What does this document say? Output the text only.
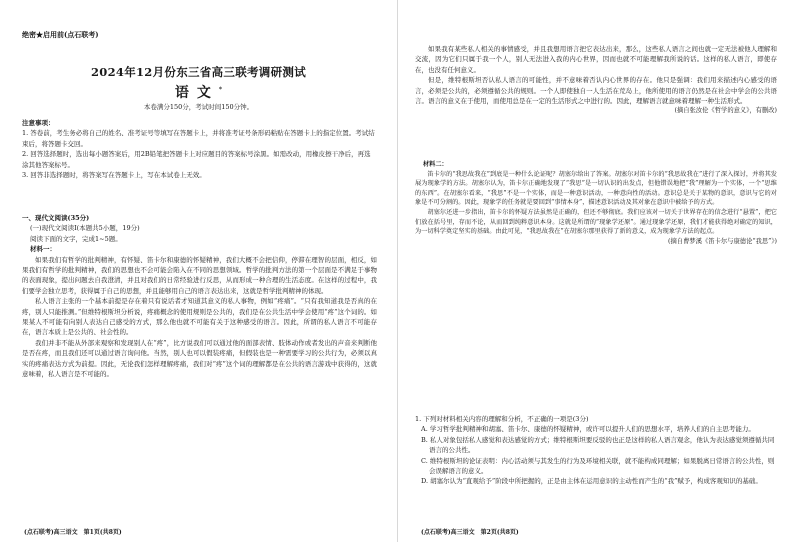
绝密★启用前(点石联考)
2024年12月份东三省高三联考调研测试
语文*
本卷满分150分，考试时间150分钟。

注意事项：

1. 答卷前，考生务必将自己的姓名、准考证号等填写在答题卡上，并将准考证号条形码粘贴在答题卡上的指定位置。考试结束后，将答题卡交回。

2. 回答选择题时，选出每小题答案后，用2B铅笔把答题卡上对应题目的答案标号涂黑。如需改动，用橡皮擦干净后，再选涂其他答案标号。

3. 回答非选择题时，将答案写在答题卡上，写在本试卷上无效。

一、现代文阅读(35分)

(一)现代文阅读Ⅰ(本题共5小题，19分)

阅读下面的文字，完成1~5题。

材料一：

如果我们有哲学的批判精神，有怀疑、笛卡尔和康德的怀疑精神，我们大概不会把信仰，停滞在理智的层面，相反，如果我们有哲学的批判精神，我们的思想也不会可能会陷入在不同的思想领域。哲学的批判方法的第一个层面是不满足于事物的表面现象，提出问题去自我澄清，并且对我们的日常经验进行反思，从而形成一种合理的生活态度。在这样的过程中，我们要学会独立思考，获得属于自己的思想，并且能够用自己的语言表达出来，这就是哲学批判精神的体现。

私人语言主张的一个基本前提是存在着只有说话者才知道其意义的私人事物，例如“疼痛”。“只有我知道我是否真的在疼，别人只能推测。”但维特根斯坦分析说，疼痛概念的使用规则是公共的，我们是在公共生活中学会使用“疼”这个词的。如果某人不可能有向别人表达自己感受的方式，那么他也就不可能有关于这种感受的语言。因此，所谓的私人语言不可能存在，语言本质上是公共的、社会性的。

我们并非不能从外部来观察和发现别人在“疼”，比方说我们可以通过他的面部表情、肢体动作或者发出的声音来判断他是否在疼，而且我们还可以通过语言询问他。当然，别人也可以假装疼痛，但假装也是一种需要学习的公共行为，必须以真实的疼痛表达方式为前提。因此，无论我们怎样理解疼痛，我们对“疼”这个词的理解都是在公共的语言游戏中获得的，这就意味着，私人语言是不可能的。

(点石联考)高三语文　第1页(共8页)

如果我有某些私人相关的事情感受，并且我想用语言把它表达出来，那么，这些私人语言之间也就一定无法被他人理解和交流，因为它们只属于我一个人，别人无法进入我的内心世界，因而也就不可能理解我所说的话。这样的私人语言，即使存在，也没有任何意义。

但是，维特根斯坦否认私人语言的可能性，并不意味着否认内心世界的存在。他只是强调：我们用来描述内心感受的语言，必须是公共的，必须遵循公共的规则。一个人即使独自一人生活在荒岛上，他所使用的语言仍然是在社会中学会的公共语言。语言的意义在于使用，而使用总是在一定的生活形式之中进行的。因此，理解语言就意味着理解一种生活形式。

(摘自张汝伦《哲学的意义》，有删改)

材料二：

笛卡尔的“我思故我在”到底是一种什么论证呢？胡塞尔给出了答案。胡塞尔对笛卡尔的“我思故我在”进行了深入探讨，并将其发展为现象学的方法。胡塞尔认为，笛卡尔正确地发现了“我思”是一切认识的出发点，但他错误地把“我”理解为一个实体，一个“思维的东西”。在胡塞尔看来，“我思”不是一个实体，而是一种意识活动，一种意向性的活动。意识总是关于某物的意识，意识与它的对象是不可分割的。因此，现象学的任务就是要回到“事情本身”，描述意识活动及其对象在意识中被给予的方式。

胡塞尔还进一步指出，笛卡尔的怀疑方法虽然是正确的，但还不够彻底。我们应该对一切关于世界存在的信念进行“悬置”，把它们放在括号里，存而不论，从而回到纯粹意识本身。这就是所谓的“现象学还原”。通过现象学还原，我们才能获得绝对确定的知识，为一切科学奠定坚实的基础。由此可见，“我思故我在”在胡塞尔那里获得了新的意义，成为现象学方法的起点。

(摘自曹梦溪《笛卡尔与康德论“我思”》)

1. 下列对材料相关内容的理解和分析，不正确的一项是(3分)

A. 学习哲学批判精神和胡塞、笛卡尔、康德的怀疑精神，或许可以提升人们的思想水平，培养人们的自主思考能力。

B. 私人对象包括私人感觉和表达感觉的方式；维特根斯坦要反驳的也正是这样的私人语言观念，他认为表达感觉须遵循共同语言的公共性。

C. 维特根斯坦的论证表明：内心活动须与其发生的行为及环境相关联，就不能构成同理解；如果脱离日常语言的公共性，则会误解语言的意义。

D. 胡塞尔认为“直观给予”阶段中所把握的，正是由主体在运用意识的主动性而产生的“我”赋予，构成客观知识的基础。

(点石联考)高三语文　第2页(共8页)
